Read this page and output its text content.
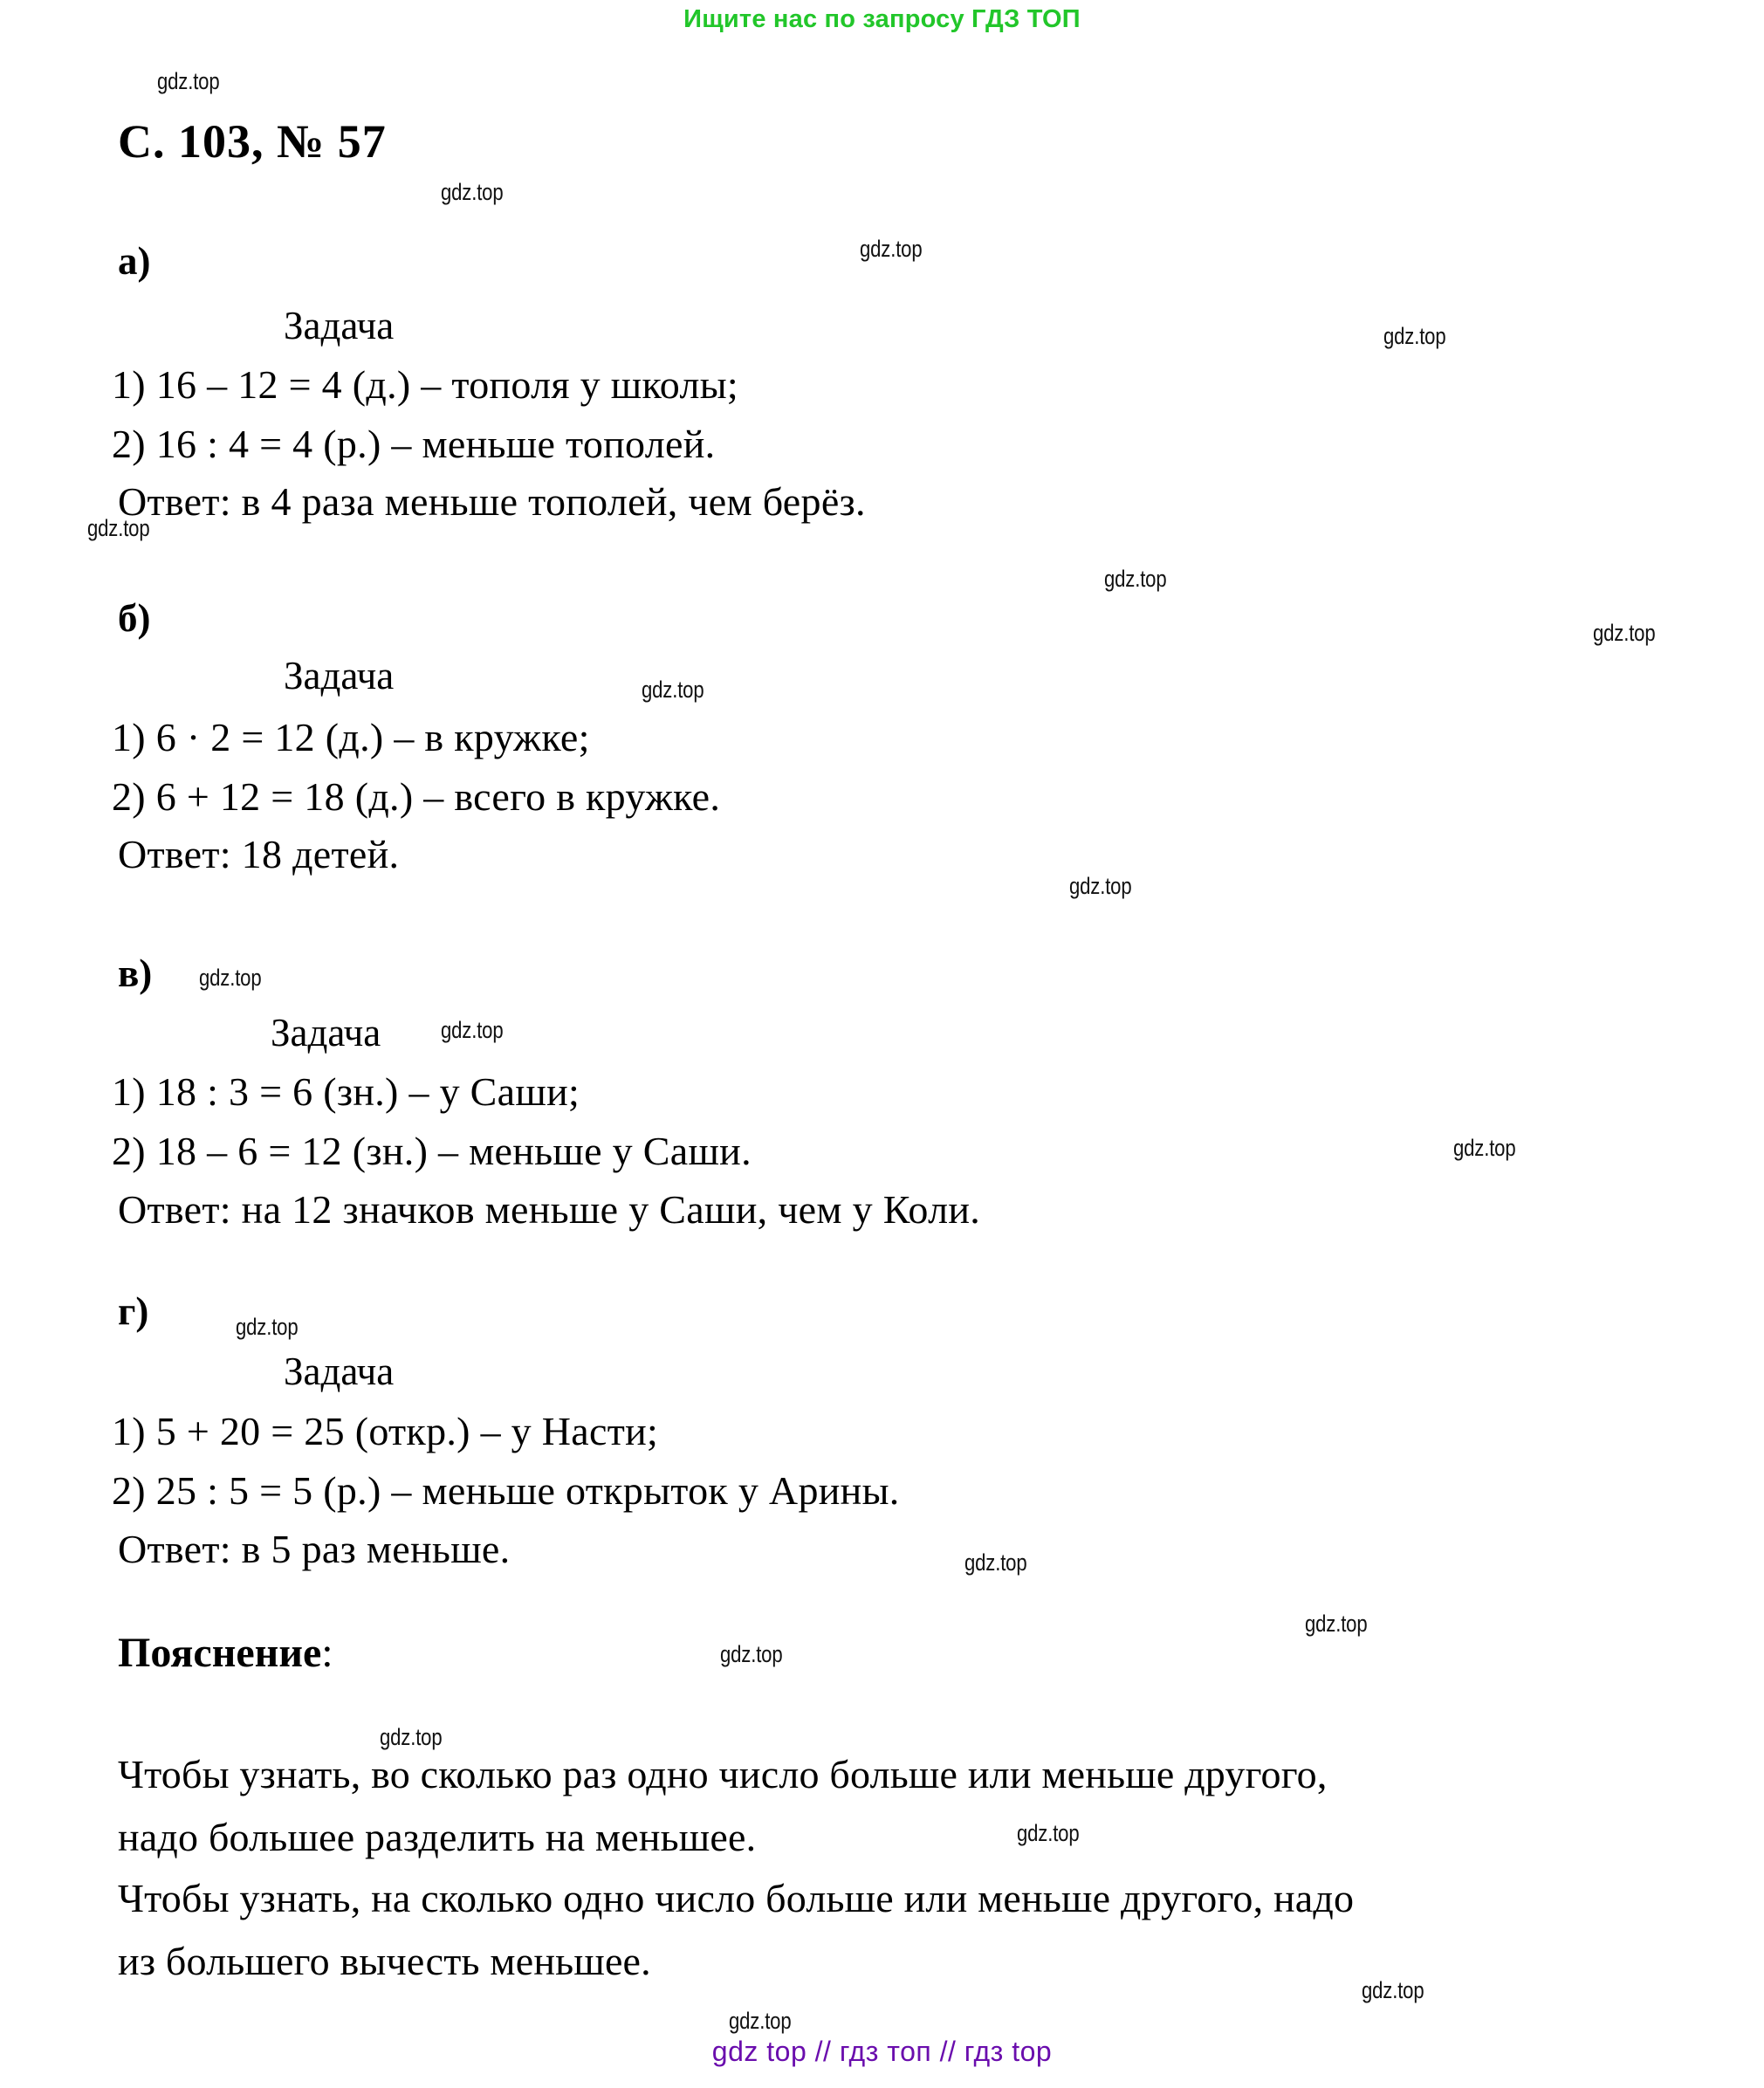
Ищите нас по запросу ГДЗ ТОП
gdz.top
gdz.top
gdz.top
gdz.top
gdz.top
gdz.top
gdz.top
gdz.top
gdz.top
gdz.top
gdz.top
gdz.top
gdz.top
gdz.top
gdz.top
gdz.top
gdz.top
gdz.top
gdz.top
gdz.top
С. 103, № 57
а)
Задача
1) 16 – 12 = 4 (д.) – тополя у школы;
2) 16 : 4 = 4 (р.) – меньше тополей.
Ответ: в 4 раза меньше тополей, чем берёз.
б)
Задача
1) 6 · 2 = 12 (д.) – в кружке;
2) 6 + 12 = 18 (д.) – всего в кружке.
Ответ: 18 детей.
в)
Задача
1) 18 : 3 = 6 (зн.) – у Саши;
2) 18 – 6 = 12 (зн.) – меньше у Саши.
Ответ: на 12 значков меньше у Саши, чем у Коли.
г)
Задача
1) 5 + 20 = 25 (откр.) – у Насти;
2) 25 : 5 = 5 (р.) – меньше открыток у Арины.
Ответ: в 5 раз меньше.
Пояснение:
Чтобы узнать, во сколько раз одно число больше или меньше другого,
надо большее разделить на меньшее.
Чтобы узнать, на сколько одно число больше или меньше другого, надо
из большего вычесть меньшее.
gdz top // гдз топ // гдз top
